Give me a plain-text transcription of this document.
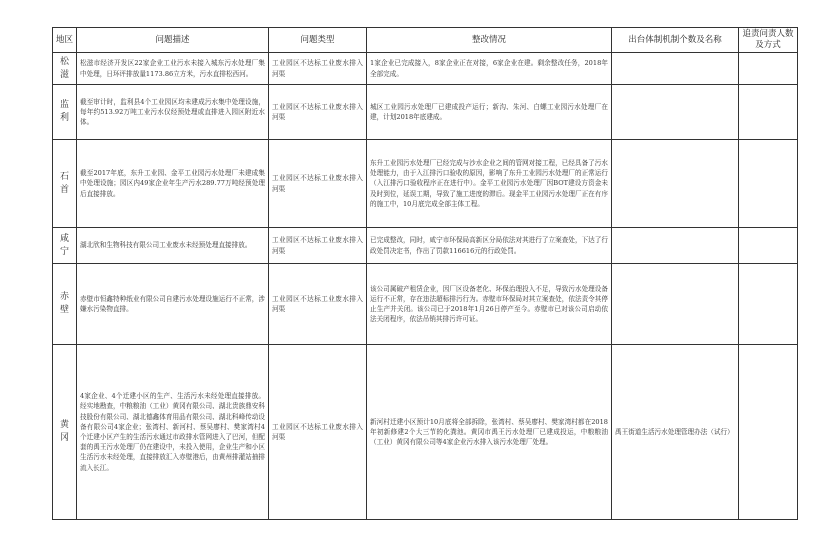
地区	问题描述	问题类型	整改情况	出台体制机制个数及名称	追责问责人数及方式
松滋	松滋市经济开发区22家企业工业污水未接入城东污水处理厂集中处理，日环评排放量1173.86立方米，污水直排松西河。	工业园区不达标工业废水排入河渠	1家企业已完成接入，8家企业正在对接，6家企业在建。剩余整改任务，2018年全部完成。		
监利	截至审计时，监利县4个工业园区均未建成污水集中处理设施，每年约513.92万吨工业污水仅经预处理或直排进入园区附近水体。	工业园区不达标工业废水排入河渠	城区工业园污水处理厂已建成投产运行；新沟、朱河、白螺工业园污水处理厂在建，计划2018年底建成。		
石首	截至2017年底，东升工业园、金平工业园污水处理厂未建成集中处理设施；园区内49家企业年生产污水289.77万吨经预处理后直接排放。	工业园区不达标工业废水排入河渠	东升工业园污水处理厂已经完成与沙水企业之间的管网对接工程，已经具备了污水处理能力，由于入江排污口验收的原因，影响了东升工业园污水处理厂的正常运行（入江排污口验收程序正在进行中）。金平工业园污水处理厂因BOT建设方资金未及时到位，延误工期，导致了施工进度的滞后。现金平工业园污水处理厂正在有序的施工中，10月底完成全部主体工程。		
咸宁	湖北欣和生物科技有限公司工业废水未经预处理直接排放。	工业园区不达标工业废水排入河渠	已完成整改，同时，咸宁市环保局高新区分局依法对其进行了立案查处，下达了行政处罚决定书，作出了罚款116616元的行政处罚。		
赤壁	赤壁市恒鑫特种纸业有限公司自建污水处理设施运行不正常，涉嫌水污染物直排。	工业园区不达标工业废水排入河渠	该公司属破产租赁企业，因厂区设备老化、环保治理投入不足，导致污水处理设备运行不正常，存在违法超标排污行为。赤壁市环保局对其立案查处，依法责令其停止生产并关闭。该公司已于2018年1月26日停产至今。赤壁市已对该公司启动依法关闭程序，依法吊销其排污许可证。		
黄冈	4家企业、4个迁建小区的生产、生活污水未经处理直接排放。经实地勘查，中粮粮油（工业）黄冈有限公司、湖北贵族鼎安科技股份有限公司、湖北德鑫体育用品有限公司、湖北科峰传动设备有限公司4家企业；张湾村、新河村、蔡吴廖村、樊家湾村4个迁建小区产生的生活污水通过市政排水管网进入了巴河，但配套的禹王污水处理厂仍在建设中，未投入使用，企业生产和小区生活污水未经处理，直接排放汇入赤壁港后，由黄州排灌站抽排流入长江。	工业园区不达标工业废水排入河渠	新河村迁建小区预计10月底将全部拆除，张湾村、蔡吴廖村、樊家湾村都在2018年初新修建2个大三节的化粪池。黄冈市禹王污水处理厂已建成投运，中粮粮油（工业）黄冈有限公司等4家企业污水排入该污水处理厂处理。	禹王街道生活污水处理管理办法（试行）	
